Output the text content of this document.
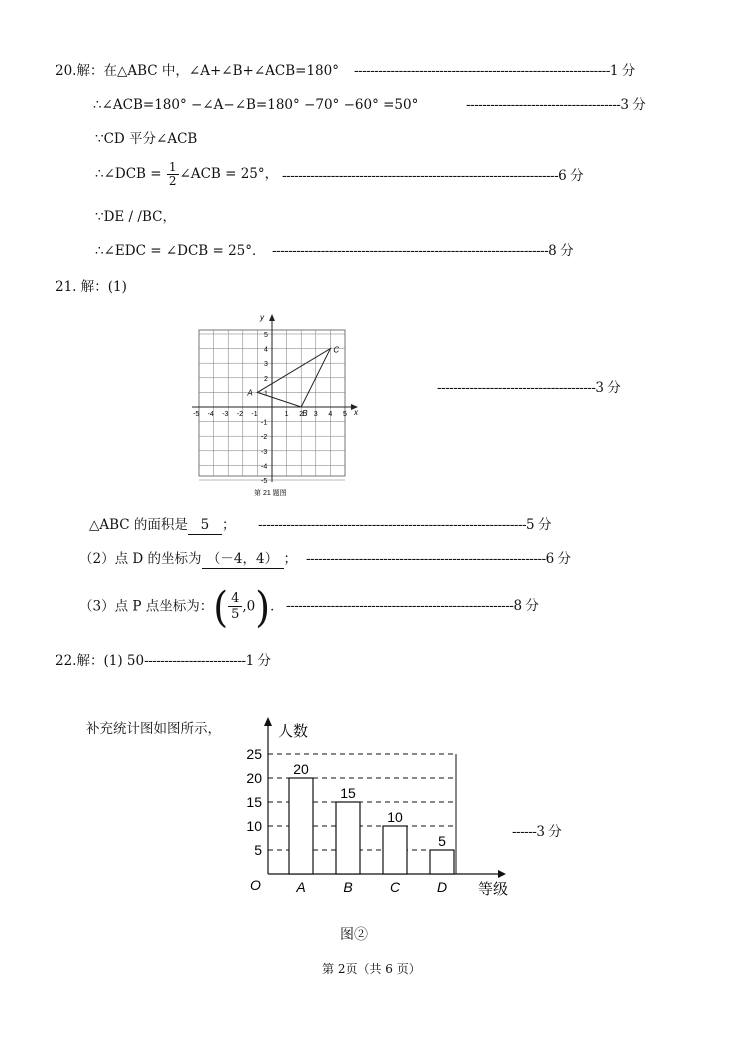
20.解：在△ABC 中，∠A+∠B+∠ACB=180° ---------------------------------------------------------------1 分
∴∠ACB=180° −∠A−∠B=180° −70° −60° =50°	--------------------------------------3 分
∵CD 平分∠ACB
∴∠DCB = $\frac{1}{2}$ ∠ACB = 25°， --------------------------------------------------------------------6 分
∵DE / /BC，
∴∠EDC = ∠DCB = 25°． --------------------------------------------------------------------8 分
21. 解：(1)
y
x
-5 -4 -3 -2 -1	1 2 3 4 5
5
4
3
2
1
-1
-2
-3
-4
-5
A
B
C
第 21 题图
---------------------------------------3 分
△ABC 的面积是 5 ； ------------------------------------------------------------------5 分
（2）点 D 的坐标为 （－4，4） ； -----------------------------------------------------------6 分
（3）点 P 点坐标为：( $\frac{4}{5} ,0$)． --------------------------------------------------------8 分
22.解：(1) 50-------------------------1 分
补充统计图如图所示，
5
10
15
20
25
20
15
10
5
A	B	C	D
人数
等级
O
------3 分
图②
第 2页（共 6 页）
